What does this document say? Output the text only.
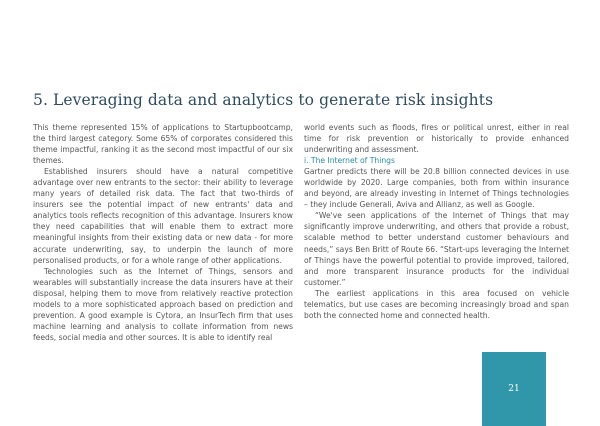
5. Leveraging data and analytics to generate risk insights

This theme represented 15% of applications to Startupbootcamp, the third largest category. Some 65% of corporates considered this theme impactful, ranking it as the second most impactful of our six themes.

Established insurers should have a natural competitive advantage over new entrants to the sector: their ability to leverage many years of detailed risk data. The fact that two-thirds of insurers see the potential impact of new entrants' data and analytics tools reflects recognition of this advantage. Insurers know they need capabilities that will enable them to extract more meaningful insights from their existing data or new data - for more accurate underwriting, say, to underpin the launch of more personalised products, or for a whole range of other applications.

Technologies such as the Internet of Things, sensors and wearables will substantially increase the data insurers have at their disposal, helping them to move from relatively reactive protection models to a more sophisticated approach based on prediction and prevention. A good example is Cytora, an InsurTech firm that uses machine learning and analysis to collate information from news feeds, social media and other sources. It is able to identify real

world events such as floods, fires or political unrest, either in real time for risk prevention or historically to provide enhanced underwriting and assessment.

i. The Internet of Things

Gartner predicts there will be 20.8 billion connected devices in use worldwide by 2020. Large companies, both from within insurance and beyond, are already investing in Internet of Things technologies – they include Generali, Aviva and Allianz, as well as Google.

“We've seen applications of the Internet of Things that may significantly improve underwriting, and others that provide a robust, scalable method to better understand customer behaviours and needs,” says Ben Britt of Route 66. “Start-ups leveraging the Internet of Things have the powerful potential to provide improved, tailored, and more transparent insurance products for the individual customer.”

The earliest applications in this area focused on vehicle telematics, but use cases are becoming increasingly broad and span both the connected home and connected health.

21
